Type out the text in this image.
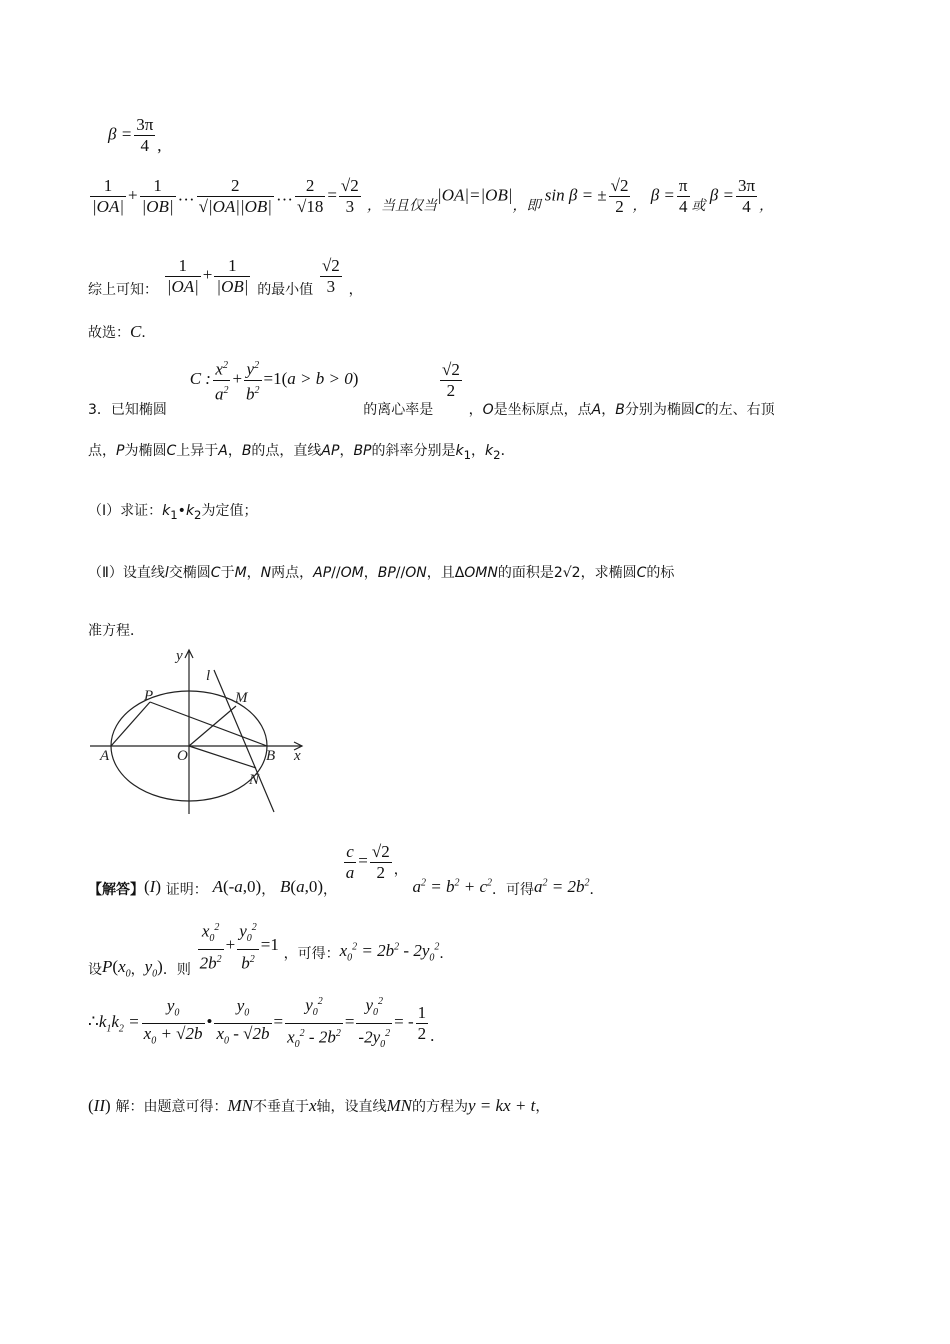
$\beta = \frac{3\pi}{4}$ ,
$\frac{1}{|OA|} + \frac{1}{|OB|}$ … $\frac{2}{√|OA||OB|}$ … $\frac{2}{√18} = \frac{√2}{3} _{,当且仅当}|OA|=|OB|_{,即}$ sin β = ± $\frac{√2}{2} _,$ $\beta = \frac{\pi}{4} _或$ $\beta = \frac{3\pi}{4} _,$
综上可知： $\frac{1}{|OA|} + \frac{1}{|OB|}$ 的最小值 $\frac{√2}{3}$ ，
故选：C．
3．已知椭圆 C : $\frac{x^2}{a^2} + \frac{y^2}{b^2} =1(a > b > 0)$ 的离心率是
$\frac{√2}{2}$
，O是坐标原点，点A，B分别为椭圆C的左、右顶
点，P为椭圆C上异于A，B的点，直线AP，BP的斜率分别是$k_1$，$k_2$．
（Ⅰ）求证：$k_1•k_2$为定值；
（Ⅱ）设直线l交椭圆C于M，N两点，AP//OM，BP//ON，且ΔOMN的面积是2√2，求椭圆C的标
准方程．
y
l
P	M
A	O	B x
N
【解答】(I) 证明： A(-a,0)， B(a,0)，
$\frac{c}{a} = \frac{√2}{2}$ ， $a^2 = b^2 + c^2$．可得$a^2 = 2b^2$．
设$P(x_0$，$y_0$)．则 $\frac{x_0^2}{2b^2} + \frac{y_0^2}{b^2} =1$ ，可得：$x_0^2 = 2b^2 - 2y_0^2$．
$\therefore k_1k_2 = \frac{y_0}{x_0 + √2b}$ • $\frac{y_0}{x_0 - √2b} = \frac{y_0^2}{x_0^2 - 2b^2} = \frac{y_0^2}{-2y_0^2}$ = - $\frac{1}{2}$ .
(II) 解：由题意可得：MN不垂直于x轴，设直线MN的方程为y = kx + t，
